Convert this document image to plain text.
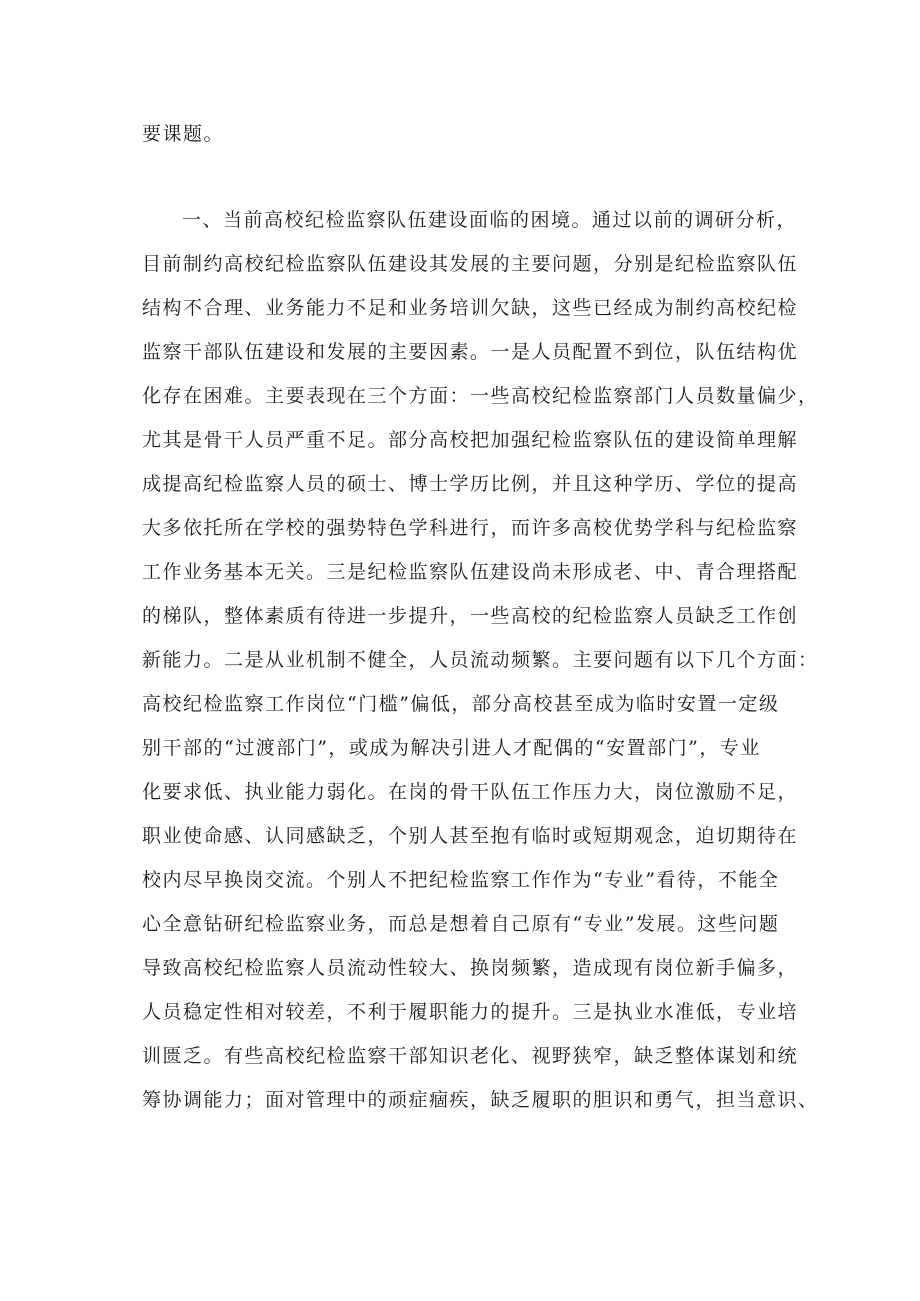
要课题。
一、当前高校纪检监察队伍建设面临的困境。通过以前的调研分析，
目前制约高校纪检监察队伍建设其发展的主要问题，分别是纪检监察队伍
结构不合理、业务能力不足和业务培训欠缺，这些已经成为制约高校纪检
监察干部队伍建设和发展的主要因素。一是人员配置不到位，队伍结构优
化存在困难。主要表现在三个方面：一些高校纪检监察部门人员数量偏少，
尤其是骨干人员严重不足。部分高校把加强纪检监察队伍的建设简单理解
成提高纪检监察人员的硕士、博士学历比例，并且这种学历、学位的提高
大多依托所在学校的强势特色学科进行，而许多高校优势学科与纪检监察
工作业务基本无关。三是纪检监察队伍建设尚未形成老、中、青合理搭配
的梯队，整体素质有待进一步提升，一些高校的纪检监察人员缺乏工作创
新能力。二是从业机制不健全，人员流动频繁。主要问题有以下几个方面：
高校纪检监察工作岗位“门槛”偏低，部分高校甚至成为临时安置一定级
别干部的“过渡部门”，或成为解决引进人才配偶的“安置部门”，专业
化要求低、执业能力弱化。在岗的骨干队伍工作压力大，岗位激励不足，
职业使命感、认同感缺乏，个别人甚至抱有临时或短期观念，迫切期待在
校内尽早换岗交流。个别人不把纪检监察工作作为“专业”看待，不能全
心全意钻研纪检监察业务，而总是想着自己原有“专业”发展。这些问题
导致高校纪检监察人员流动性较大、换岗频繁，造成现有岗位新手偏多，
人员稳定性相对较差，不利于履职能力的提升。三是执业水准低，专业培
训匮乏。有些高校纪检监察干部知识老化、视野狭窄，缺乏整体谋划和统
筹协调能力；面对管理中的顽症痼疾，缺乏履职的胆识和勇气，担当意识、
